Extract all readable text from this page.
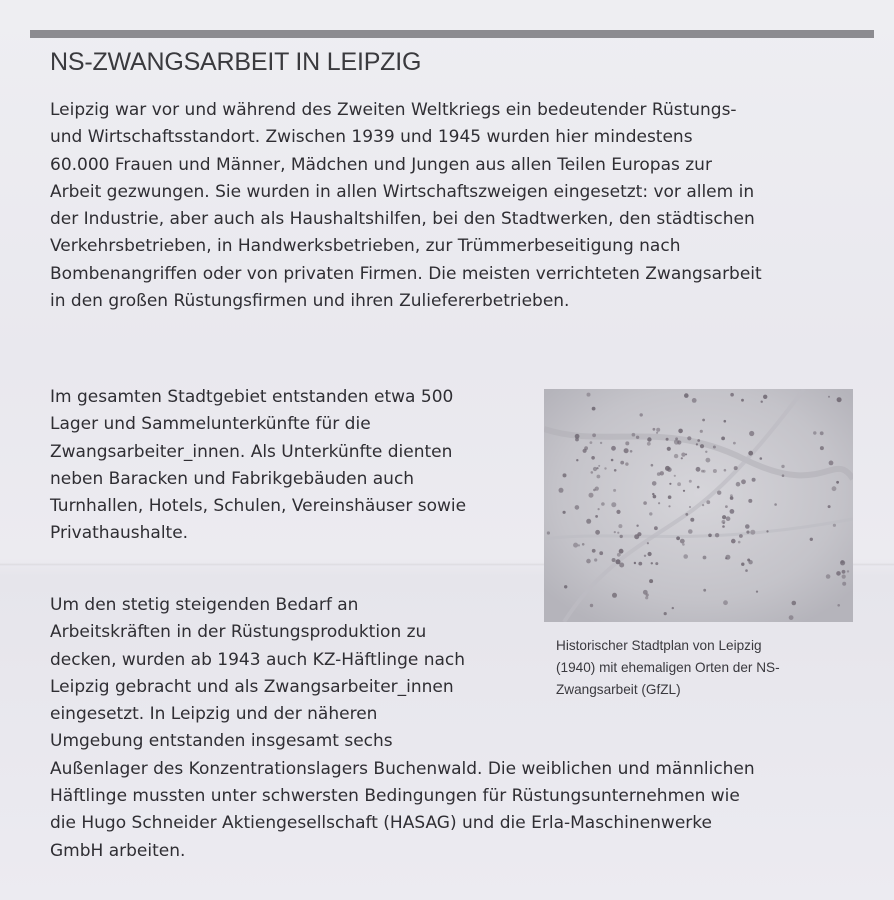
NS-ZWANGSARBEIT IN LEIPZIG

Leipzig war vor und während des Zweiten Weltkriegs ein bedeutender Rüstungs-
und Wirtschaftsstandort. Zwischen 1939 und 1945 wurden hier mindestens
60.000 Frauen und Männer, Mädchen und Jungen aus allen Teilen Europas zur
Arbeit gezwungen. Sie wurden in allen Wirtschaftszweigen eingesetzt: vor allem in
der Industrie, aber auch als Haushaltshilfen, bei den Stadtwerken, den städtischen
Verkehrsbetrieben, in Handwerksbetrieben, zur Trümmerbeseitigung nach
Bombenangriffen oder von privaten Firmen. Die meisten verrichteten Zwangsarbeit
in den großen Rüstungsfirmen und ihren Zuliefererbetrieben.

Im gesamten Stadtgebiet entstanden etwa 500
Lager und Sammelunterkünfte für die
Zwangsarbeiter_innen. Als Unterkünfte dienten
neben Baracken und Fabrikgebäuden auch
Turnhallen, Hotels, Schulen, Vereinshäuser sowie
Privathaushalte.

Historischer Stadtplan von Leipzig
(1940) mit ehemaligen Orten der NS-
Zwangsarbeit (GfZL)

Um den stetig steigenden Bedarf an
Arbeitskräften in der Rüstungsproduktion zu
decken, wurden ab 1943 auch KZ-Häftlinge nach
Leipzig gebracht und als Zwangsarbeiter_innen
eingesetzt. In Leipzig und der näheren
Umgebung entstanden insgesamt sechs
Außenlager des Konzentrationslagers Buchenwald. Die weiblichen und männlichen
Häftlinge mussten unter schwersten Bedingungen für Rüstungsunternehmen wie
die Hugo Schneider Aktiengesellschaft (HASAG) und die Erla-Maschinenwerke
GmbH arbeiten.
